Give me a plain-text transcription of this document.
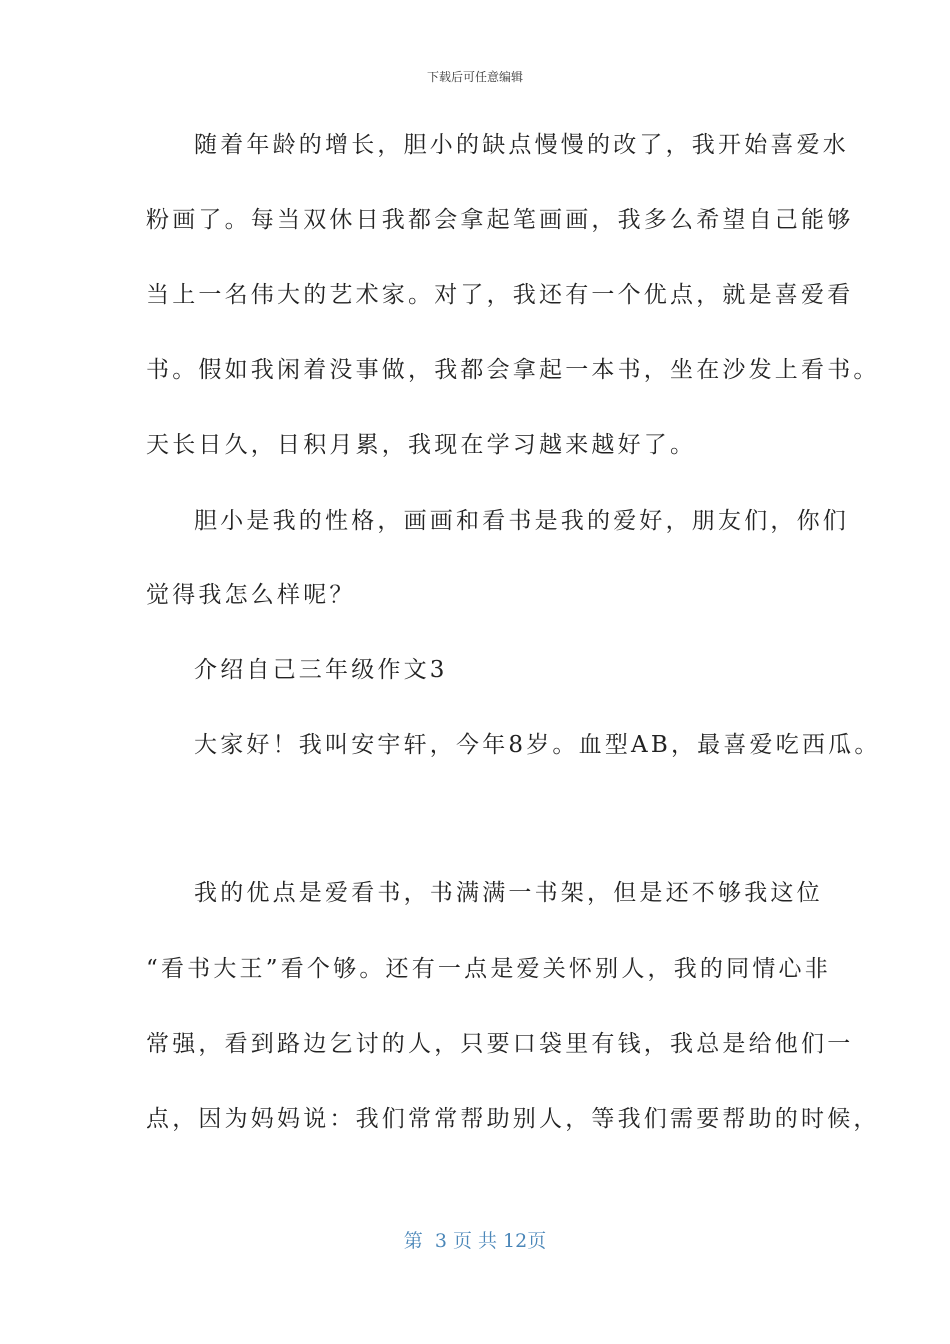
下载后可任意编辑
随着年龄的增长，胆小的缺点慢慢的改了，我开始喜爱水
粉画了。每当双休日我都会拿起笔画画，我多么希望自己能够
当上一名伟大的艺术家。对了，我还有一个优点，就是喜爱看
书。假如我闲着没事做，我都会拿起一本书，坐在沙发上看书。
天长日久，日积月累，我现在学习越来越好了。
胆小是我的性格，画画和看书是我的爱好，朋友们，你们
觉得我怎么样呢？
介绍自己三年级作文3
大家好！我叫安宇轩，今年8岁。血型AB，最喜爱吃西瓜。
我的优点是爱看书，书满满一书架，但是还不够我这位
“看书大王”看个够。还有一点是爱关怀别人，我的同情心非
常强，看到路边乞讨的人，只要口袋里有钱，我总是给他们一
点，因为妈妈说：我们常常帮助别人，等我们需要帮助的时候，
第  3 页 共 12页
